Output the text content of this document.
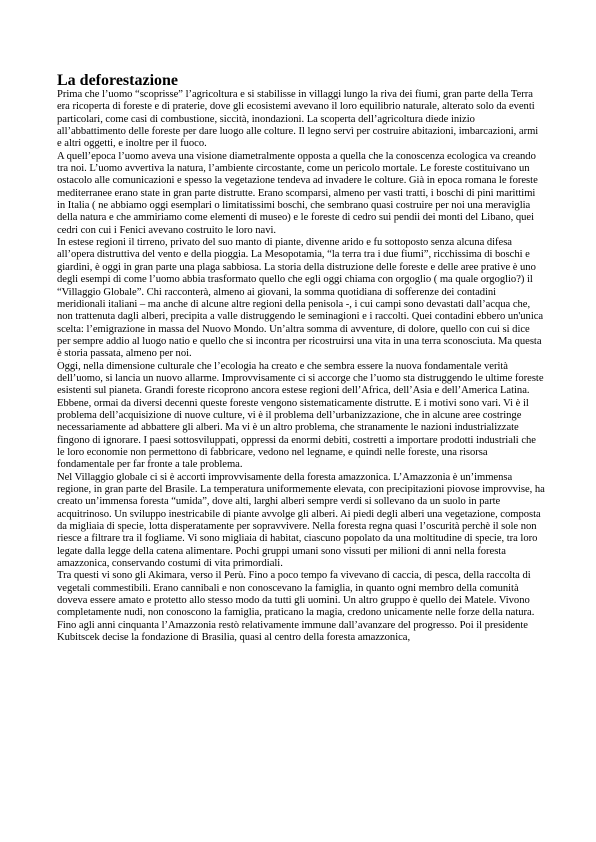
La deforestazione

Prima che l’uomo “scoprisse” l’agricoltura e si stabilisse in villaggi lungo la riva dei fiumi, gran parte della Terra era ricoperta di foreste e di praterie, dove gli ecosistemi avevano il loro equilibrio naturale, alterato solo da eventi particolari, come casi di combustione, siccità, inondazioni. La scoperta dell’agricoltura diede inizio all’abbattimento delle foreste per dare luogo alle colture. Il legno servì per costruire abitazioni, imbarcazioni, armi e altri oggetti, e inoltre per il fuoco.

A quell’epoca l’uomo aveva una visione diametralmente opposta a quella che la conoscenza ecologica va creando tra noi. L’uomo avvertiva la natura, l’ambiente circostante, come un pericolo mortale. Le foreste costituivano un ostacolo alle comunicazioni e spesso la vegetazione tendeva ad invadere le colture. Già in epoca romana le foreste mediterranee erano state in gran parte distrutte. Erano scomparsi, almeno per vasti tratti, i boschi di pini marittimi in Italia ( ne abbiamo oggi esemplari o limitatissimi boschi, che sembrano quasi costruire per noi una meraviglia della natura e che ammiriamo come elementi di museo) e le foreste di cedro sui pendii dei monti del Libano, quei cedri con cui i Fenici avevano costruito le loro navi.

In estese regioni il tirreno, privato del suo manto di piante, divenne arido e fu sottoposto senza alcuna difesa all’opera distruttiva del vento e della pioggia. La Mesopotamia, “la terra tra i due fiumi”, ricchissima di boschi e giardini, è oggi in gran parte una plaga sabbiosa. La storia della distruzione delle foreste e delle aree prative è uno degli esempi di come l’uomo abbia trasformato quello che egli oggi chiama con orgoglio ( ma quale orgoglio?) il “Villaggio Globale”. Chi racconterà, almeno ai giovani, la somma quotidiana di sofferenze dei contadini meridionali italiani – ma anche di alcune altre regioni della penisola -, i cui campi sono devastati dall’acqua che, non trattenuta dagli alberi, precipita a valle distruggendo le seminagioni e i raccolti. Quei contadini ebbero un'unica scelta: l’emigrazione in massa del Nuovo Mondo. Un’altra somma di avventure, di dolore, quello con cui si dice per sempre addio al luogo natio e quello che si incontra per ricostruirsi una vita in una terra sconosciuta. Ma questa è storia passata, almeno per noi.

Oggi, nella dimensione culturale che l’ecologia ha creato e che sembra essere la nuova fondamentale verità dell’uomo, si lancia un nuovo allarme. Improvvisamente ci si accorge che l’uomo sta distruggendo le ultime foreste esistenti sul pianeta. Grandi foreste ricoprono ancora estese regioni dell’Africa, dell’Asia e dell’America Latina. Ebbene, ormai da diversi decenni queste foreste vengono sistematicamente distrutte. E i motivi sono vari. Vi è il problema dell’acquisizione di nuove culture, vi è il problema dell’urbanizzazione, che in alcune aree costringe necessariamente ad abbattere gli alberi. Ma vi è un altro problema, che stranamente le nazioni industrializzate fingono di ignorare. I paesi sottosviluppati, oppressi da enormi debiti, costretti a importare prodotti industriali che le loro economie non permettono di fabbricare, vedono nel legname, e quindi nelle foreste, una risorsa fondamentale per far fronte a tale problema.

Nel Villaggio globale ci si è accorti improvvisamente della foresta amazzonica. L’Amazzonia è un’immensa regione, in gran parte del Brasile. La temperatura uniformemente elevata, con precipitazioni piovose improvvise, ha creato un’immensa foresta “umida”, dove alti, larghi alberi sempre verdi si sollevano da un suolo in parte acquitrinoso. Un sviluppo inestricabile di piante avvolge gli alberi. Ai piedi degli alberi una vegetazione, composta da migliaia di specie, lotta disperatamente per sopravvivere. Nella foresta regna quasi l’oscurità perchè il sole non riesce a filtrare tra il fogliame. Vi sono migliaia di habitat, ciascuno popolato da una moltitudine di specie, tra loro legate dalla legge della catena alimentare. Pochi gruppi umani sono vissuti per milioni di anni nella foresta amazzonica, conservando costumi di vita primordiali.

Tra questi vi sono gli Akimara, verso il Perù. Fino a poco tempo fa vivevano di caccia, di pesca, della raccolta di vegetali commestibili. Erano cannibali e non conoscevano la famiglia, in quanto ogni membro della comunità doveva essere amato e protetto allo stesso modo da tutti gli uomini. Un altro gruppo è quello dei Matele. Vivono completamente nudi, non conoscono la famiglia, praticano la magia, credono unicamente nelle forze della natura.

Fino agli anni cinquanta l’Amazzonia restò relativamente immune dall’avanzare del progresso. Poi il presidente Kubitscek decise la fondazione di Brasilia, quasi al centro della foresta amazzonica,
